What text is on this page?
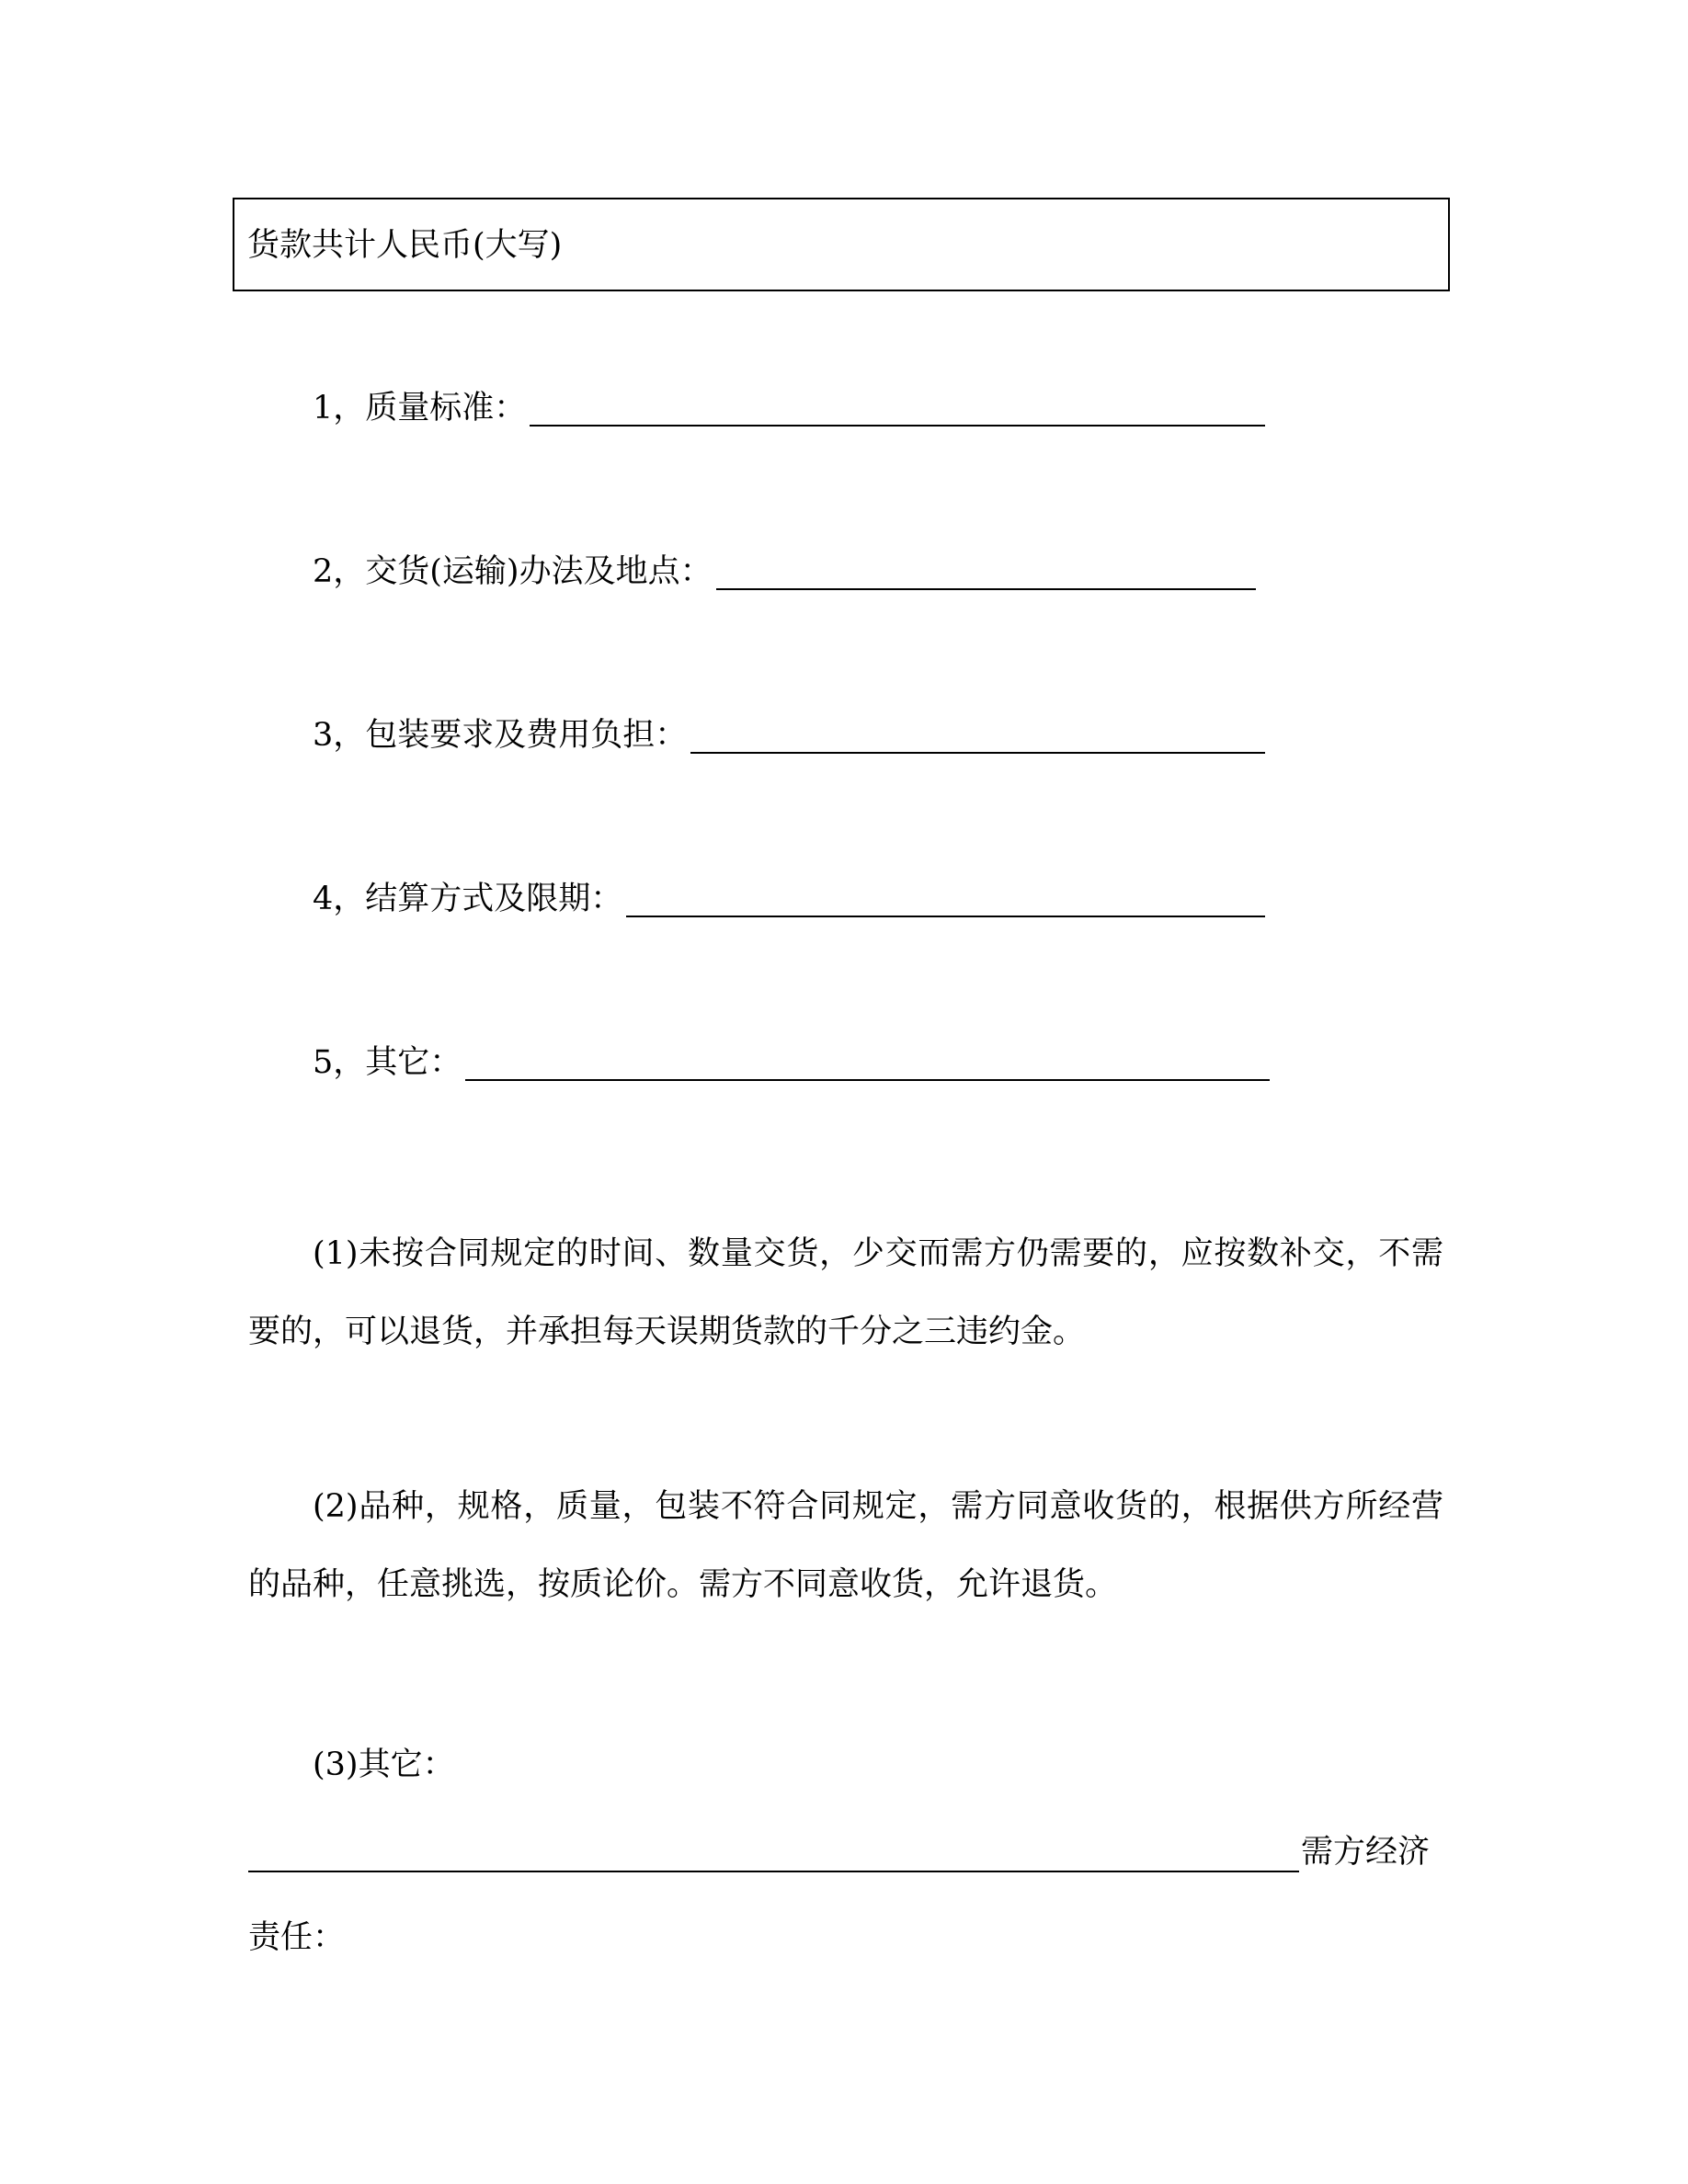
货款共计人民币(大写)
1，质量标准：
2，交货(运输)办法及地点：
3，包装要求及费用负担：
4，结算方式及限期：
5，其它：

(1)未按合同规定的时间、数量交货，少交而需方仍需要的，应按数补交，不需要的，可以退货，并承担每天误期货款的千分之三违约金。

(2)品种，规格，质量，包装不符合同规定，需方同意收货的，根据供方所经营的品种，任意挑选，按质论价。需方不同意收货，允许退货。

(3)其它：
需方经济
责任：
